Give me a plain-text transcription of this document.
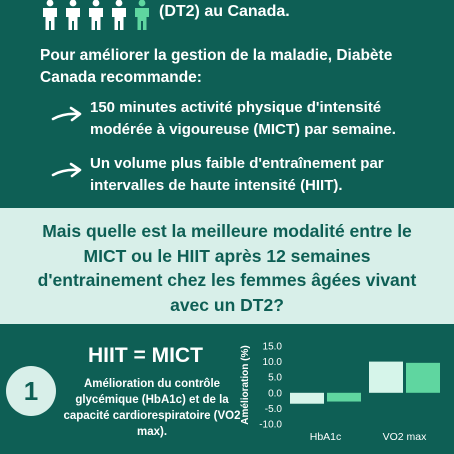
(DT2) au Canada.
Pour améliorer la gestion de la maladie, Diabète Canada recommande:
150 minutes activité physique d'intensité modérée à vigoureuse (MICT) par semaine.
Un volume plus faible d'entraînement par intervalles de haute intensité (HIIT).
Mais quelle est la meilleure modalité entre le MICT ou le HIIT après 12 semaines d'entrainement chez les femmes âgées vivant avec un DT2?
1
HIIT = MICT
Amélioration du contrôle glycémique (HbA1c) et de la capacité cardiorespiratoire (VO2 max).
Amélioration (%) 15.0
10.0
5.0
0.0
-5.0
-10.0
HbA1c	VO2 max
